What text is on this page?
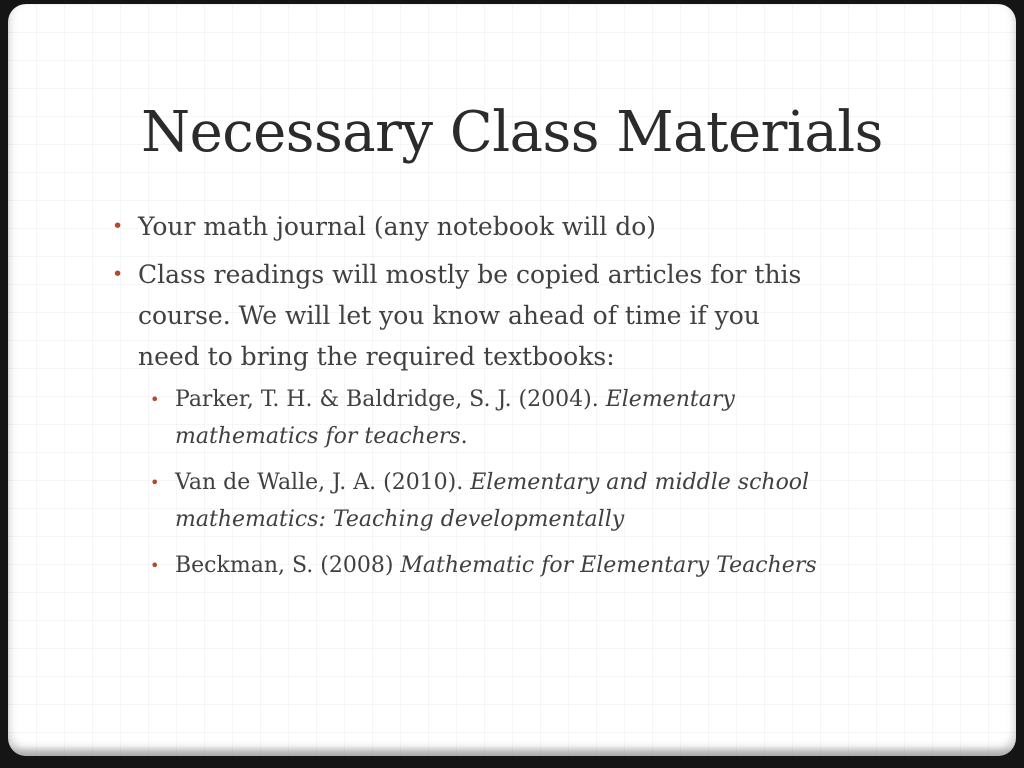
Necessary Class Materials
• Your math journal (any notebook will do)
• Class readings will mostly be copied articles for this
course. We will let you know ahead of time if you
need to bring the required textbooks:
• Parker, T. H. & Baldridge, S. J. (2004). Elementary
mathematics for teachers.
• Van de Walle, J. A. (2010). Elementary and middle school
mathematics: Teaching developmentally
• Beckman, S. (2008) Mathematic for Elementary Teachers
